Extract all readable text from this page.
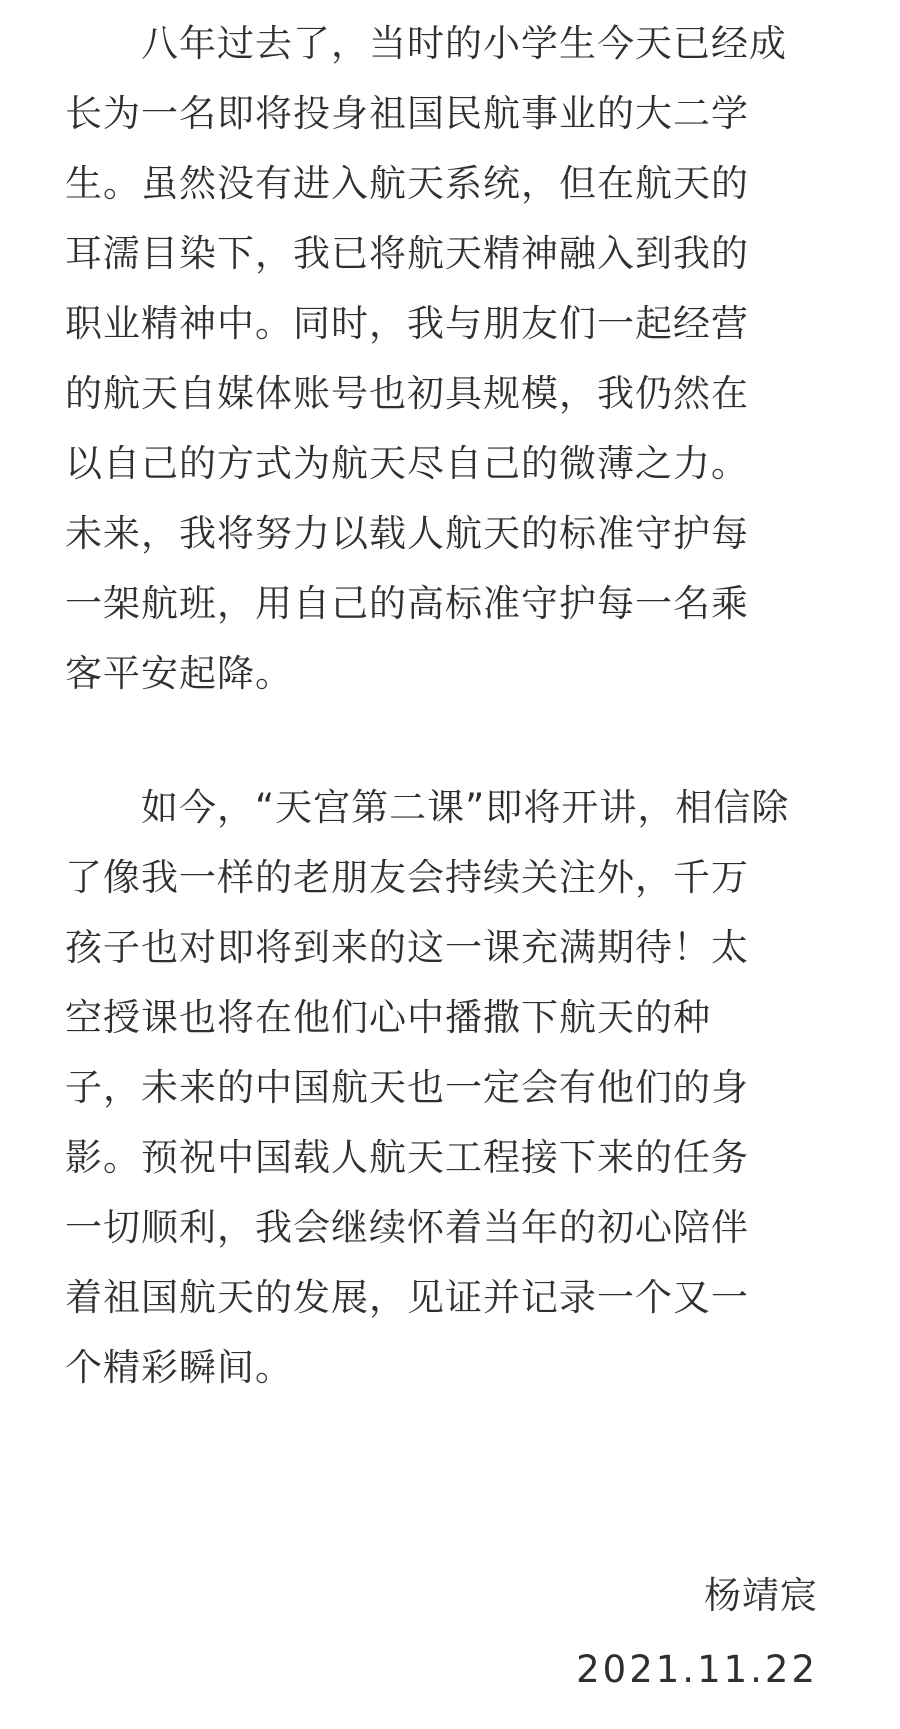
　　八年过去了，当时的小学生今天已经成
长为一名即将投身祖国民航事业的大二学
生。虽然没有进入航天系统，但在航天的
耳濡目染下，我已将航天精神融入到我的
职业精神中。同时，我与朋友们一起经营
的航天自媒体账号也初具规模，我仍然在
以自己的方式为航天尽自己的微薄之力。
未来，我将努力以载人航天的标准守护每
一架航班，用自己的高标准守护每一名乘
客平安起降。
　　如今，“天宫第二课”即将开讲，相信除
了像我一样的老朋友会持续关注外，千万
孩子也对即将到来的这一课充满期待！太
空授课也将在他们心中播撒下航天的种
子，未来的中国航天也一定会有他们的身
影。预祝中国载人航天工程接下来的任务
一切顺利，我会继续怀着当年的初心陪伴
着祖国航天的发展，见证并记录一个又一
个精彩瞬间。
杨靖宸
2021.11.22
